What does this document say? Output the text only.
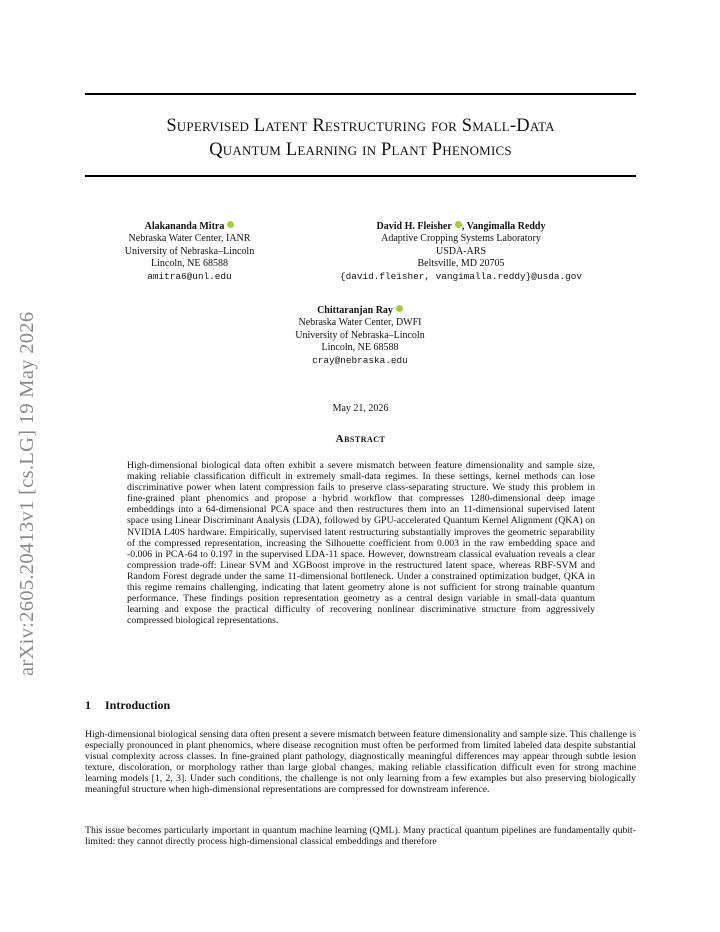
arXiv:2605.20413v1 [cs.LG] 19 May 2026
Supervised Latent Restructuring for Small-Data
Quantum Learning in Plant Phenomics
Alakananda Mitra
Nebraska Water Center, IANR
University of Nebraska–Lincoln
Lincoln, NE 68588
amitra6@unl.edu
David H. Fleisher , Vangimalla Reddy
Adaptive Cropping Systems Laboratory
USDA-ARS
Beltsville, MD 20705
{david.fleisher, vangimalla.reddy}@usda.gov
Chittaranjan Ray
Nebraska Water Center, DWFI
University of Nebraska–Lincoln
Lincoln, NE 68588
cray@nebraska.edu
May 21, 2026
Abstract
High-dimensional biological data often exhibit a severe mismatch between feature dimensionality and sample size, making reliable classification difficult in extremely small-data regimes. In these settings, kernel methods can lose discriminative power when latent compression fails to preserve class-separating structure. We study this problem in fine-grained plant phenomics and propose a hybrid workflow that compresses 1280-dimensional deep image embeddings into a 64-dimensional PCA space and then restructures them into an 11-dimensional supervised latent space using Linear Discriminant Analysis (LDA), followed by GPU-accelerated Quantum Kernel Alignment (QKA) on NVIDIA L40S hardware. Empirically, supervised latent restructuring substantially improves the geometric separability of the compressed representation, increasing the Silhouette coefficient from 0.003 in the raw embedding space and -0.006 in PCA-64 to 0.197 in the supervised LDA-11 space. However, downstream classical evaluation reveals a clear compression trade-off: Linear SVM and XGBoost improve in the restructured latent space, whereas RBF-SVM and Random Forest degrade under the same 11-dimensional bottleneck. Under a constrained optimization budget, QKA in this regime remains challenging, indicating that latent geometry alone is not sufficient for strong trainable quantum performance. These findings position representation geometry as a central design variable in small-data quantum learning and expose the practical difficulty of recovering nonlinear discriminative structure from aggressively compressed biological representations.
1 Introduction
High-dimensional biological sensing data often present a severe mismatch between feature dimensionality and sample size. This challenge is especially pronounced in plant phenomics, where disease recognition must often be performed from limited labeled data despite substantial visual complexity across classes. In fine-grained plant pathology, diagnostically meaningful differences may appear through subtle lesion texture, discoloration, or morphology rather than large global changes, making reliable classification difficult even for strong machine learning models [1, 2, 3]. Under such conditions, the challenge is not only learning from a few examples but also preserving biologically meaningful structure when high-dimensional representations are compressed for downstream inference.
This issue becomes particularly important in quantum machine learning (QML). Many practical quantum pipelines are fundamentally qubit-limited: they cannot directly process high-dimensional classical embeddings and therefore
